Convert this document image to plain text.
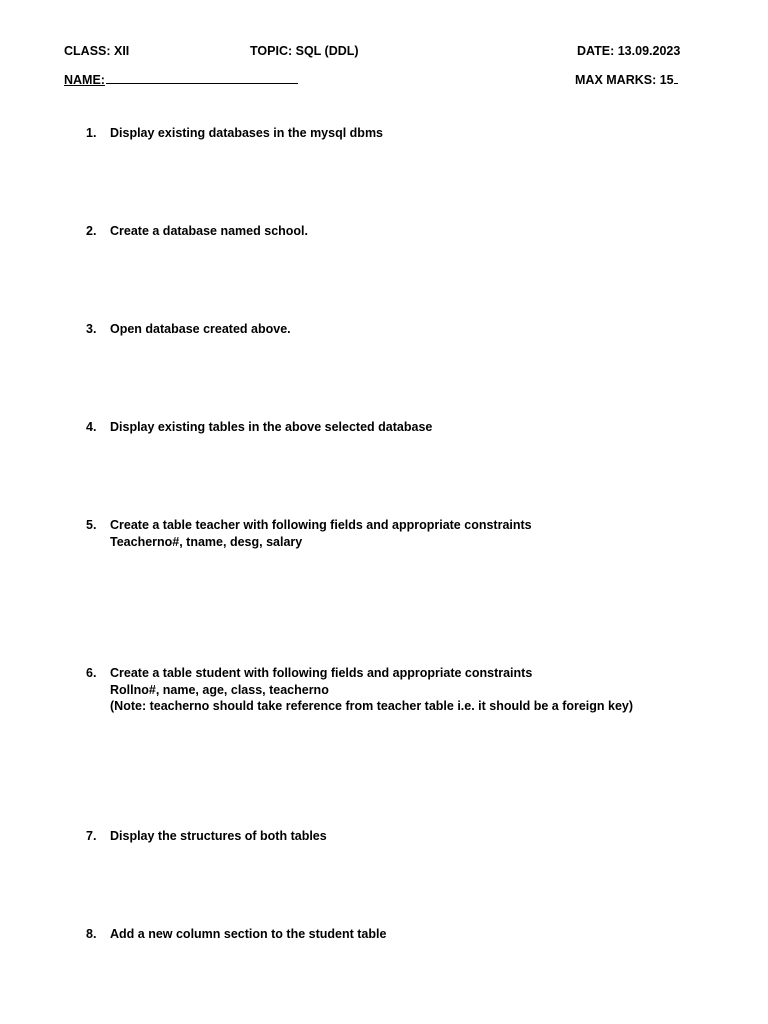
CLASS: XII	TOPIC: SQL (DDL)	DATE: 13.09.2023
NAME:	MAX MARKS: 15
1. Display existing databases in the mysql dbms
2. Create a database named school.
3. Open database created above.
4. Display existing tables in the above selected database
5. Create a table teacher with following fields and appropriate constraints
Teacherno#, tname, desg, salary
6. Create a table student with following fields and appropriate constraints
Rollno#, name, age, class, teacherno
(Note: teacherno should take reference from teacher table i.e. it should be a foreign key)
7. Display the structures of both tables
8. Add a new column section to the student table
